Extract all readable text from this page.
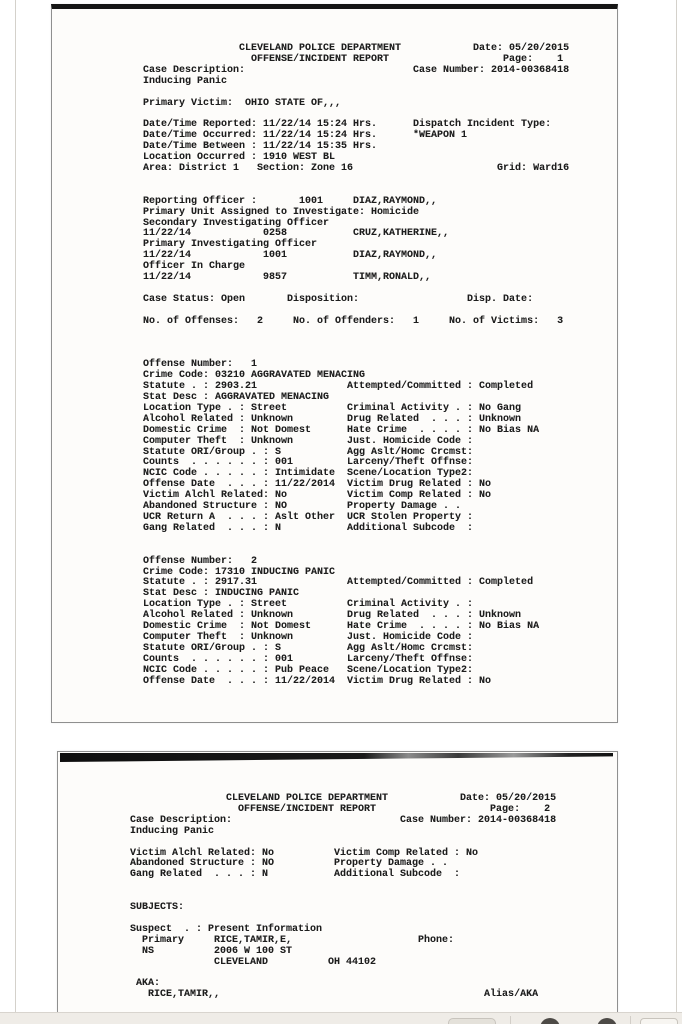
CLEVELAND POLICE DEPARTMENT            Date: 05/20/2015
OFFENSE/INCIDENT REPORT                   Page:    1
Case Description:                            Case Number: 2014-00368418
Inducing Panic

Primary Victim:  OHIO STATE OF,,,

Date/Time Reported: 11/22/14 15:24 Hrs.      Dispatch Incident Type:
Date/Time Occurred: 11/22/14 15:24 Hrs.      *WEAPON 1
Date/Time Between : 11/22/14 15:35 Hrs.
Location Occurred : 1910 WEST BL
Area: District 1   Section: Zone 16                        Grid: Ward16

Reporting Officer :       1001     DIAZ,RAYMOND,,
Primary Unit Assigned to Investigate: Homicide
Secondary Investigating Officer
11/22/14            0258           CRUZ,KATHERINE,,
Primary Investigating Officer
11/22/14            1001           DIAZ,RAYMOND,,
Officer In Charge
11/22/14            9857           TIMM,RONALD,,

Case Status: Open       Disposition:                  Disp. Date:

No. of Offenses:   2     No. of Offenders:   1     No. of Victims:   3

Offense Number:   1
Crime Code: 03210 AGGRAVATED MENACING
Statute . : 2903.21               Attempted/Committed : Completed
Stat Desc : AGGRAVATED MENACING
Location Type . : Street          Criminal Activity . : No Gang
Alcohol Related : Unknown         Drug Related  . . . : Unknown
Domestic Crime  : Not Domest      Hate Crime  . . . . : No Bias NA
Computer Theft  : Unknown         Just. Homicide Code :
Statute ORI/Group . : S           Agg Aslt/Homc Crcmst:
Counts  . . . . . . : 001         Larceny/Theft Offnse:
NCIC Code . . . . . : Intimidate  Scene/Location Type2:
Offense Date  . . . : 11/22/2014  Victim Drug Related : No
Victim Alchl Related: No          Victim Comp Related : No
Abandoned Structure : NO          Property Damage . .
UCR Return A  . . . : Aslt Other  UCR Stolen Property :
Gang Related  . . . : N           Additional Subcode  :

Offense Number:   2
Crime Code: 17310 INDUCING PANIC
Statute . : 2917.31               Attempted/Committed : Completed
Stat Desc : INDUCING PANIC
Location Type . : Street          Criminal Activity . :
Alcohol Related : Unknown         Drug Related  . . . : Unknown
Domestic Crime  : Not Domest      Hate Crime  . . . . : No Bias NA
Computer Theft  : Unknown         Just. Homicide Code :
Statute ORI/Group . : S           Agg Aslt/Homc Crcmst:
Counts  . . . . . . : 001         Larceny/Theft Offnse:
NCIC Code . . . . . : Pub Peace   Scene/Location Type2:
Offense Date  . . . : 11/22/2014  Victim Drug Related : No
CLEVELAND POLICE DEPARTMENT            Date: 05/20/2015
OFFENSE/INCIDENT REPORT                   Page:    2
Case Description:                            Case Number: 2014-00368418
Inducing Panic

Victim Alchl Related: No          Victim Comp Related : No
Abandoned Structure : NO          Property Damage . .
Gang Related  . . . : N           Additional Subcode  :

SUBJECTS:

Suspect  . : Present Information
Primary     RICE,TAMIR,E,                     Phone:
NS          2006 W 100 ST
CLEVELAND          OH 44102

AKA:
RICE,TAMIR,,                                            Alias/AKA
